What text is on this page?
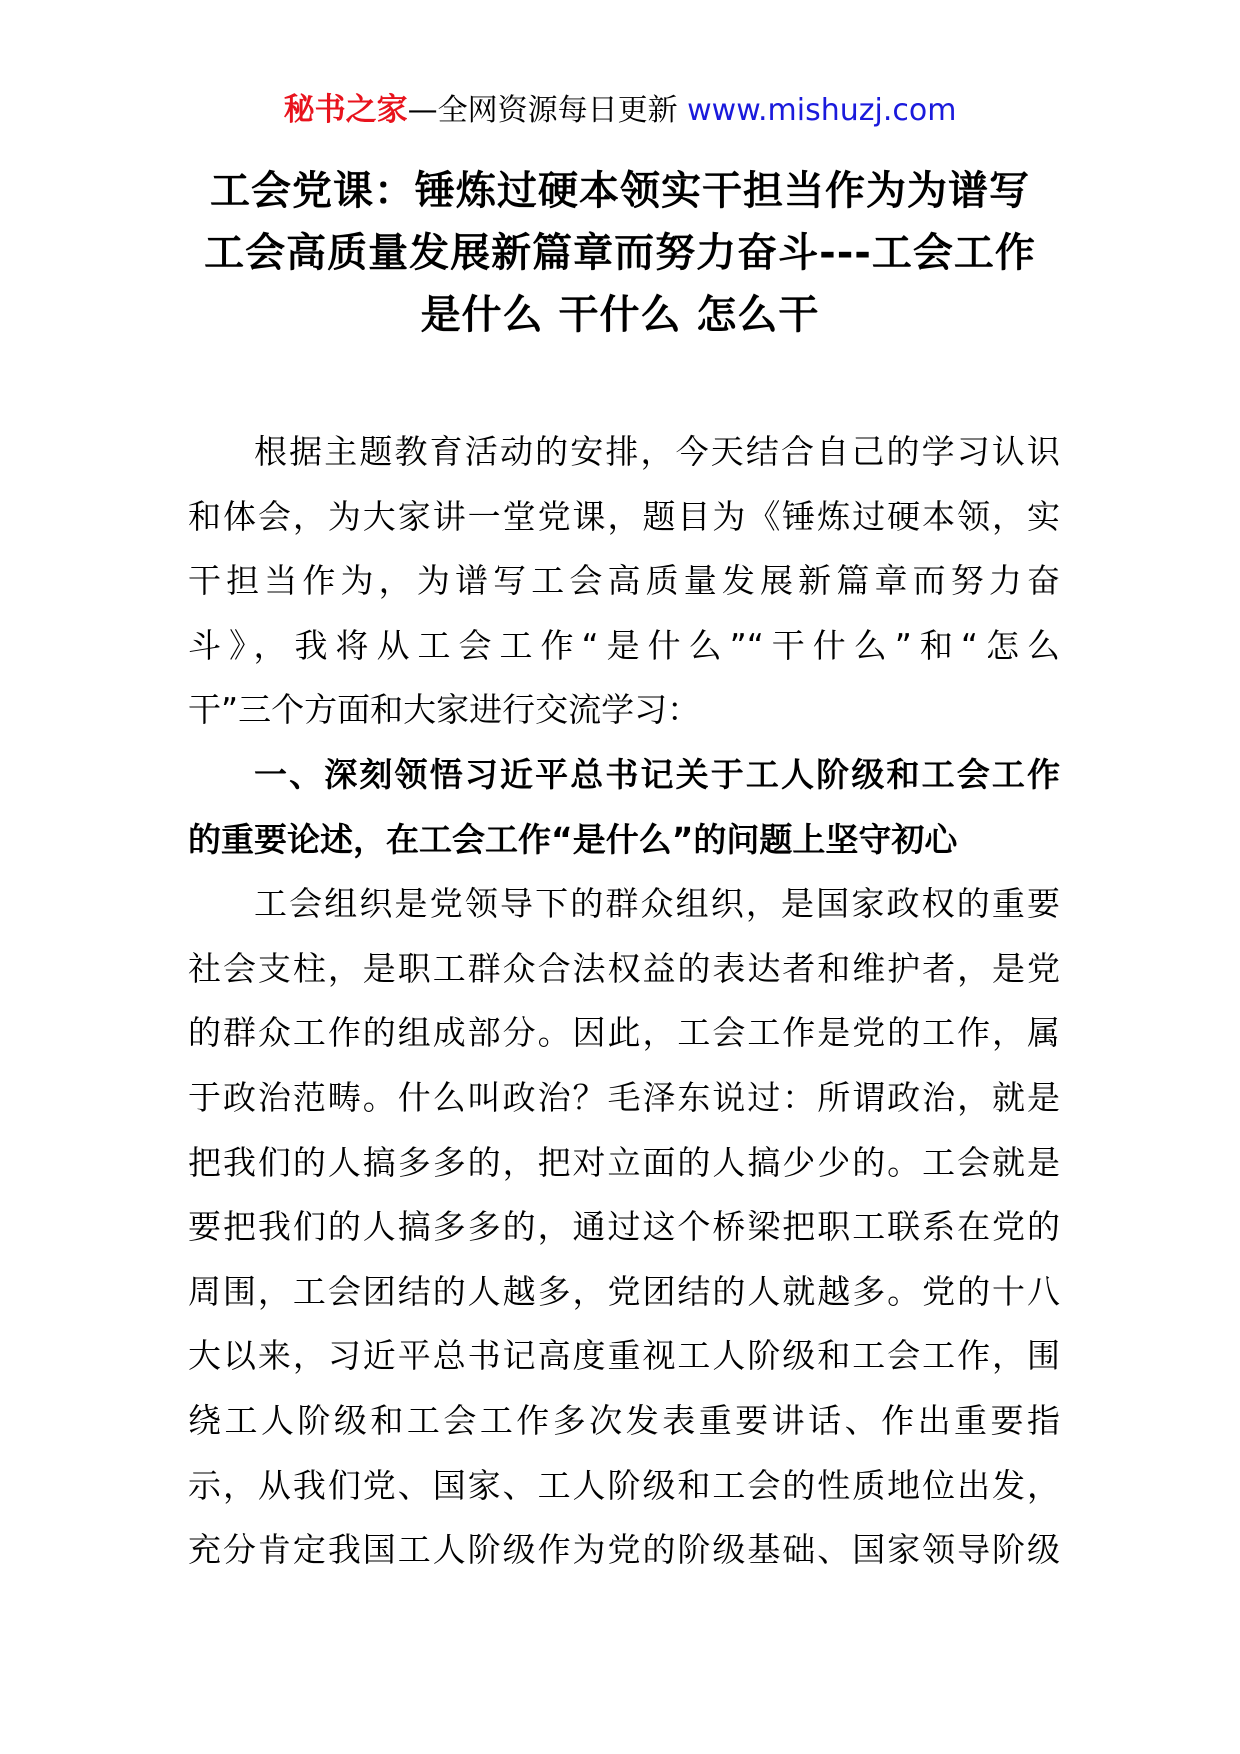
秘书之家—全网资源每日更新 www.mishuzj.com
工会党课：锤炼过硬本领实干担当作为为谱写
工会高质量发展新篇章而努力奋斗---工会工作
是什么 干什么 怎么干
根据主题教育活动的安排，今天结合自己的学习认识
和体会，为大家讲一堂党课，题目为《锤炼过硬本领，实
干担当作为，为谱写工会高质量发展新篇章而努力奋
斗》，我将从工会工作“是什么”“干什么”和“怎么
干”三个方面和大家进行交流学习：
一、深刻领悟习近平总书记关于工人阶级和工会工作
的重要论述，在工会工作“是什么”的问题上坚守初心
工会组织是党领导下的群众组织，是国家政权的重要
社会支柱，是职工群众合法权益的表达者和维护者，是党
的群众工作的组成部分。因此，工会工作是党的工作，属
于政治范畴。什么叫政治？毛泽东说过：所谓政治，就是
把我们的人搞多多的，把对立面的人搞少少的。工会就是
要把我们的人搞多多的，通过这个桥梁把职工联系在党的
周围，工会团结的人越多，党团结的人就越多。党的十八
大以来，习近平总书记高度重视工人阶级和工会工作，围
绕工人阶级和工会工作多次发表重要讲话、作出重要指
示，从我们党、国家、工人阶级和工会的性质地位出发，
充分肯定我国工人阶级作为党的阶级基础、国家领导阶级
